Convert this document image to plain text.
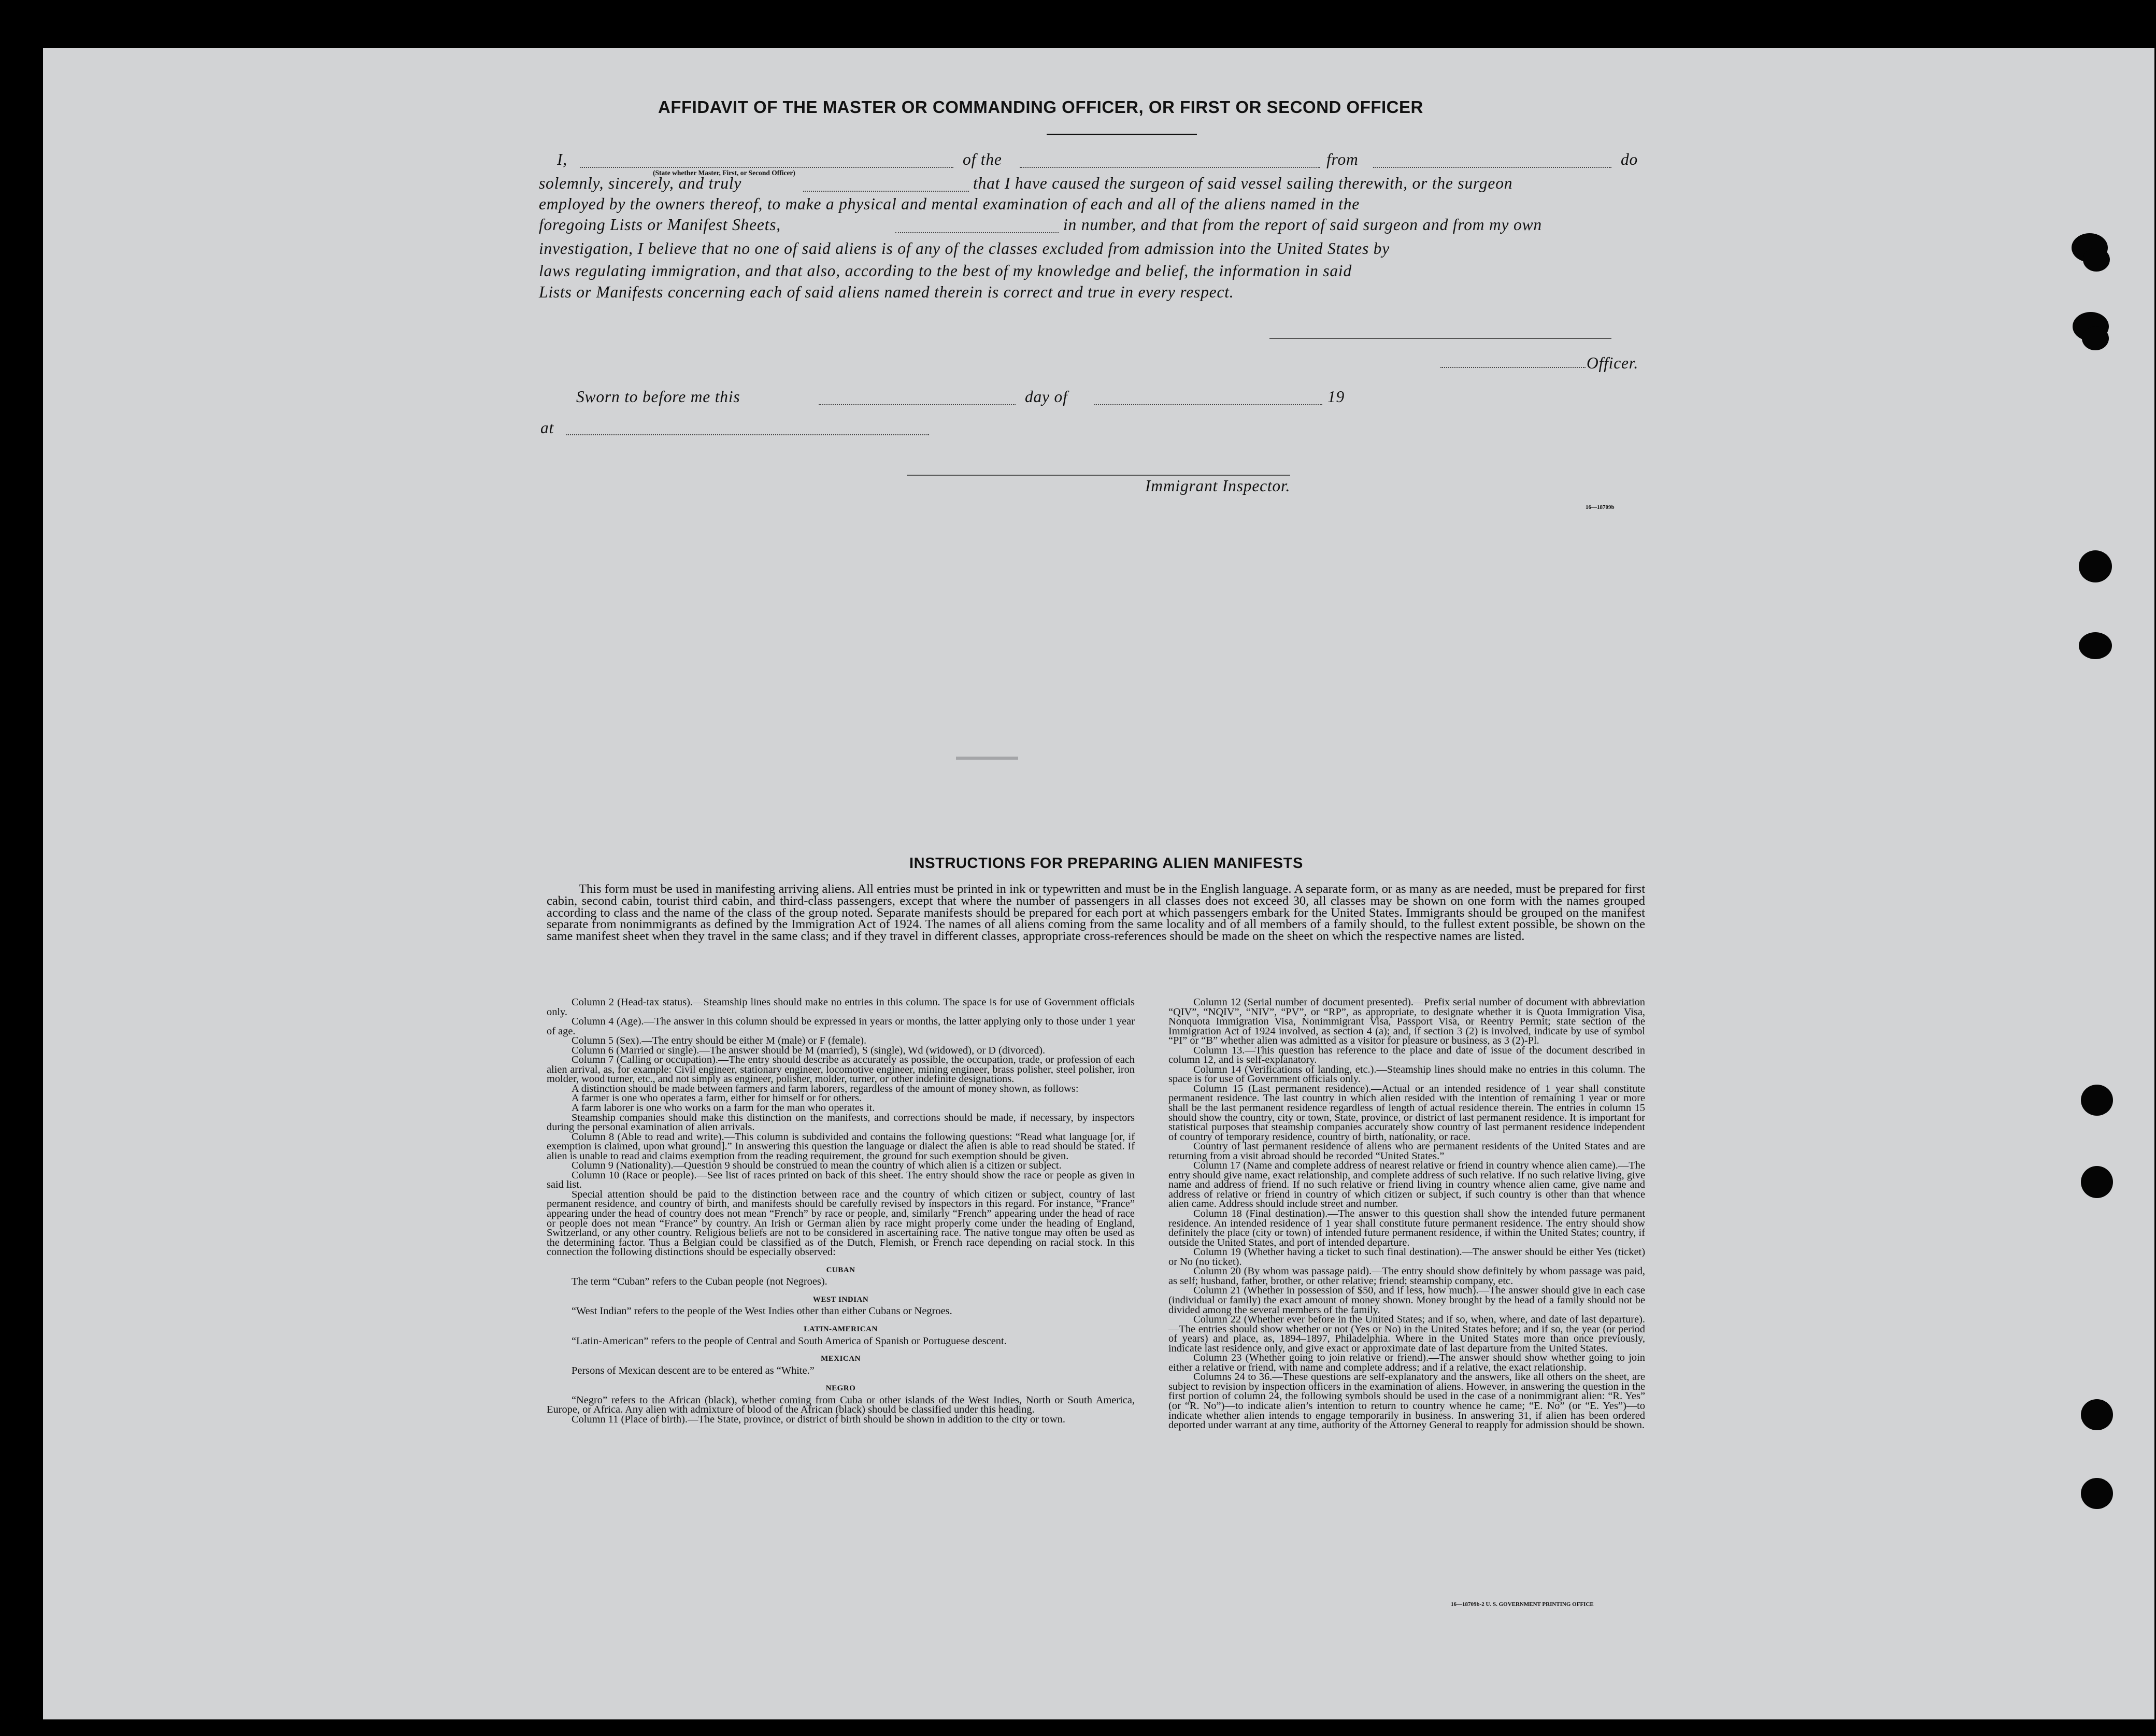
AFFIDAVIT OF THE MASTER OR COMMANDING OFFICER, OR FIRST OR SECOND OFFICER
I,	of the	from	do
(State whether Master, First, or Second Officer)
solemnly, sincerely, and truly	that I have caused the surgeon of said vessel sailing therewith, or the surgeon
employed by the owners thereof, to make a physical and mental examination of each and all of the aliens named in the
foregoing Lists or Manifest Sheets,	in number, and that from the report of said surgeon and from my own
investigation, I believe that no one of said aliens is of any of the classes excluded from admission into the United States by
laws regulating immigration, and that also, according to the best of my knowledge and belief, the information in said
Lists or Manifests concerning each of said aliens named therein is correct and true in every respect.
Officer.
Sworn to before me this	day of	19
at
Immigrant Inspector.
16—18709b
INSTRUCTIONS FOR PREPARING ALIEN MANIFESTS

This form must be used in manifesting arriving aliens. All entries must be printed in ink or typewritten and must be in the English language. A separate form, or as many as are needed, must be prepared for first cabin, second cabin, tourist third cabin, and third-class passengers, except that where the number of passengers in all classes does not exceed 30, all classes may be shown on one form with the names grouped according to class and the name of the class of the group noted. Separate manifests should be prepared for each port at which passengers embark for the United States. Immigrants should be grouped on the manifest separate from nonimmigrants as defined by the Immigration Act of 1924. The names of all aliens coming from the same locality and of all members of a family should, to the fullest extent possible, be shown on the same manifest sheet when they travel in the same class; and if they travel in different classes, appropriate cross-references should be made on the sheet on which the respective names are listed.

Column 2 (Head-tax status).—Steamship lines should make no entries in this column. The space is for use of Government officials only.

Column 4 (Age).—The answer in this column should be expressed in years or months, the latter applying only to those under 1 year of age.

Column 5 (Sex).—The entry should be either M (male) or F (female).

Column 6 (Married or single).—The answer should be M (married), S (single), Wd (widowed), or D (divorced).

Column 7 (Calling or occupation).—The entry should describe as accurately as possible, the occupation, trade, or profession of each alien arrival, as, for example: Civil engineer, stationary engineer, locomotive engineer, mining engineer, brass polisher, steel polisher, iron molder, wood turner, etc., and not simply as engineer, polisher, molder, turner, or other indefinite designations.

A distinction should be made between farmers and farm laborers, regardless of the amount of money shown, as follows:

A farmer is one who operates a farm, either for himself or for others.

A farm laborer is one who works on a farm for the man who operates it.

Steamship companies should make this distinction on the manifests, and corrections should be made, if necessary, by inspectors during the personal examination of alien arrivals.

Column 8 (Able to read and write).—This column is subdivided and contains the following questions: “Read what language [or, if exemption is claimed, upon what ground].” In answering this question the language or dialect the alien is able to read should be stated. If alien is unable to read and claims exemption from the reading requirement, the ground for such exemption should be given.

Column 9 (Nationality).—Question 9 should be construed to mean the country of which alien is a citizen or subject.

Column 10 (Race or people).—See list of races printed on back of this sheet. The entry should show the race or people as given in said list.

Special attention should be paid to the distinction between race and the country of which citizen or subject, country of last permanent residence, and country of birth, and manifests should be carefully revised by inspectors in this regard. For instance, “France” appearing under the head of country does not mean “French” by race or people, and, similarly “French” appearing under the head of race or people does not mean “France” by country. An Irish or German alien by race might properly come under the heading of England, Switzerland, or any other country. Religious beliefs are not to be considered in ascertaining race. The native tongue may often be used as the determining factor. Thus a Belgian could be classified as of the Dutch, Flemish, or French race depending on racial stock. In this connection the following distinctions should be especially observed:

CUBAN

The term “Cuban” refers to the Cuban people (not Negroes).

WEST INDIAN

“West Indian” refers to the people of the West Indies other than either Cubans or Negroes.

LATIN-AMERICAN

“Latin-American” refers to the people of Central and South America of Spanish or Portuguese descent.

MEXICAN

Persons of Mexican descent are to be entered as “White.”

NEGRO

“Negro” refers to the African (black), whether coming from Cuba or other islands of the West Indies, North or South America, Europe, or Africa. Any alien with admixture of blood of the African (black) should be classified under this heading.

Column 11 (Place of birth).—The State, province, or district of birth should be shown in addition to the city or town.

Column 12 (Serial number of document presented).—Prefix serial number of document with abbreviation “QIV”, “NQIV”, “NIV”, “PV”, or “RP”, as appropriate, to designate whether it is Quota Immigration Visa, Nonquota Immigration Visa, Nonimmigrant Visa, Passport Visa, or Reentry Permit; state section of the Immigration Act of 1924 involved, as section 4 (a); and, if section 3 (2) is involved, indicate by use of symbol “PI” or “B” whether alien was admitted as a visitor for pleasure or business, as 3 (2)-Pl.

Column 13.—This question has reference to the place and date of issue of the document described in column 12, and is self-explanatory.

Column 14 (Verifications of landing, etc.).—Steamship lines should make no entries in this column. The space is for use of Government officials only.

Column 15 (Last permanent residence).—Actual or an intended residence of 1 year shall constitute permanent residence. The last country in which alien resided with the intention of remaining 1 year or more shall be the last permanent residence regardless of length of actual residence therein. The entries in column 15 should show the country, city or town, State, province, or district of last permanent residence. It is important for statistical purposes that steamship companies accurately show country of last permanent residence independent of country of temporary residence, country of birth, nationality, or race.

Country of last permanent residence of aliens who are permanent residents of the United States and are returning from a visit abroad should be recorded “United States.”

Column 17 (Name and complete address of nearest relative or friend in country whence alien came).—The entry should give name, exact relationship, and complete address of such relative. If no such relative living, give name and address of friend. If no such relative or friend living in country whence alien came, give name and address of relative or friend in country of which citizen or subject, if such country is other than that whence alien came. Address should include street and number.

Column 18 (Final destination).—The answer to this question shall show the intended future permanent residence. An intended residence of 1 year shall constitute future permanent residence. The entry should show definitely the place (city or town) of intended future permanent residence, if within the United States; country, if outside the United States, and port of intended departure.

Column 19 (Whether having a ticket to such final destination).—The answer should be either Yes (ticket) or No (no ticket).

Column 20 (By whom was passage paid).—The entry should show definitely by whom passage was paid, as self; husband, father, brother, or other relative; friend; steamship company, etc.

Column 21 (Whether in possession of $50, and if less, how much).—The answer should give in each case (individual or family) the exact amount of money shown. Money brought by the head of a family should not be divided among the several members of the family.

Column 22 (Whether ever before in the United States; and if so, when, where, and date of last departure).—The entries should show whether or not (Yes or No) in the United States before; and if so, the year (or period of years) and place, as, 1894–1897, Philadelphia. Where in the United States more than once previously, indicate last residence only, and give exact or approximate date of last departure from the United States.

Column 23 (Whether going to join relative or friend).—The answer should show whether going to join either a relative or friend, with name and complete address; and if a relative, the exact relationship.

Columns 24 to 36.—These questions are self-explanatory and the answers, like all others on the sheet, are subject to revision by inspection officers in the examination of aliens. However, in answering the question in the first portion of column 24, the following symbols should be used in the case of a nonimmigrant alien: “R. Yes” (or “R. No”)—to indicate alien’s intention to return to country whence he came; “E. No” (or “E. Yes”)—to indicate whether alien intends to engage temporarily in business. In answering 31, if alien has been ordered deported under warrant at any time, authority of the Attorney General to reapply for admission should be shown.

16—18709b-2 U. S. GOVERNMENT PRINTING OFFICE
